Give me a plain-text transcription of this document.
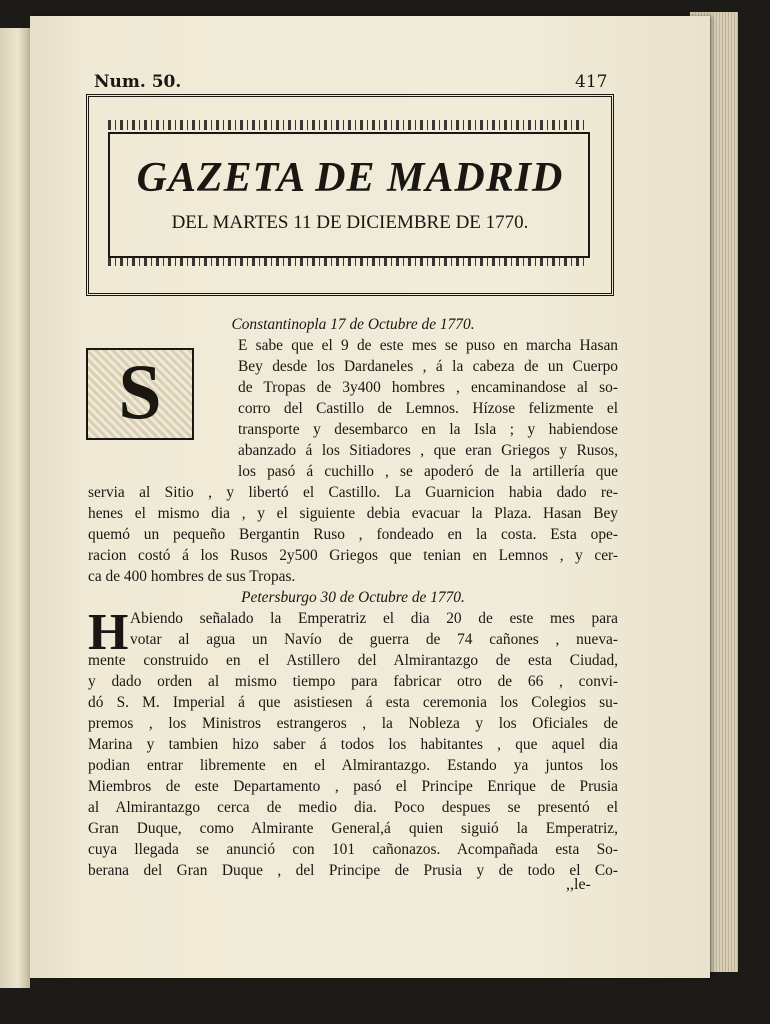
Num. 50.	417
GAZETA DE MADRID
DEL MARTES 11 DE DICIEMBRE DE 1770.
Constantinopla 17 de Octubre de 1770.
S
E sabe que el 9 de este mes se puso en marcha Hasan
Bey desde los Dardaneles , á la cabeza de un Cuerpo
de Tropas de 3y400 hombres , encaminandose al so-
corro del Castillo de Lemnos. Hízose felizmente el
transporte y desembarco en la Isla ; y habiendose
abanzado á los Sitiadores , que eran Griegos y Rusos,
los pasó á cuchillo , se apoderó de la artillería que
servia al Sitio , y libertó el Castillo. La Guarnicion habia dado re-
henes el mismo dia , y el siguiente debia evacuar la Plaza. Hasan Bey
quemó un pequeño Bergantin Ruso , fondeado en la costa. Esta ope-
racion costó á los Rusos 2y500 Griegos que tenian en Lemnos , y cer-
ca de 400 hombres de sus Tropas.
Petersburgo 30 de Octubre de 1770.
H Abiendo señalado la Emperatriz el dia 20 de este mes para
votar al agua un Navío de guerra de 74 cañones , nueva-
mente construido en el Astillero del Almirantazgo de esta Ciudad,
y dado orden al mismo tiempo para fabricar otro de 66 , convi-
dó S. M. Imperial á que asistiesen á esta ceremonia los Colegios su-
premos , los Ministros estrangeros , la Nobleza y los Oficiales de
Marina y tambien hizo saber á todos los habitantes , que aquel dia
podian entrar libremente en el Almirantazgo. Estando ya juntos los
Miembros de este Departamento , pasó el Principe Enrique de Prusia
al Almirantazgo cerca de medio dia. Poco despues se presentó el
Gran Duque, como Almirante General,á quien siguió la Emperatriz,
cuya llegada se anunció con 101 cañonazos. Acompañada esta So-
berana del Gran Duque , del Principe de Prusia y de todo el Co-
,,le-
